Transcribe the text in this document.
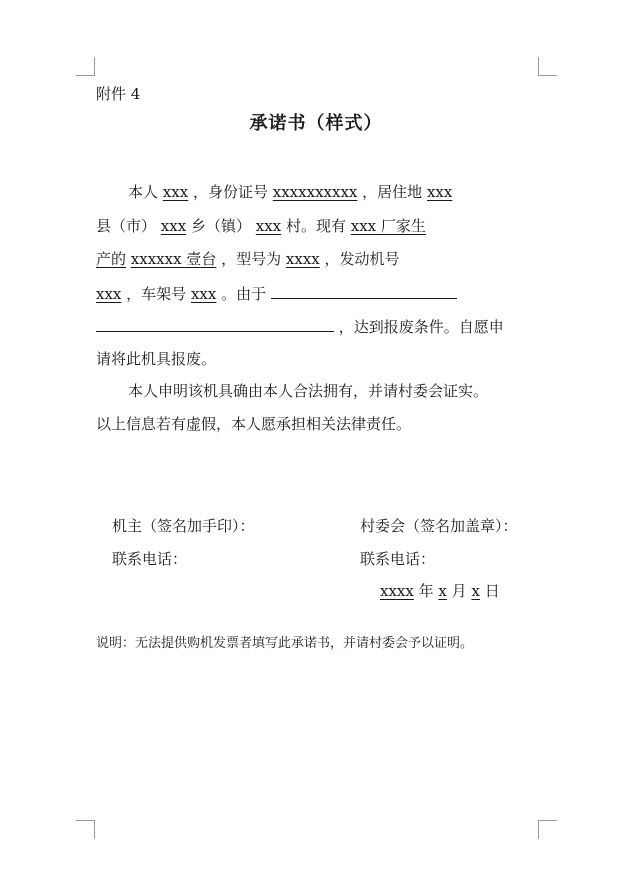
附件 4
承诺书（样式）
本人 xxx ，身份证号 xxxxxxxxxx ，居住地 xxx
县（市） xxx 乡（镇） xxx 村。现有 xxx 厂家生
产的 xxxxxx 壹台 ，型号为 xxxx ，发动机号
xxx ，车架号 xxx 。由于
，达到报废条件。自愿申
请将此机具报废。
本人申明该机具确由本人合法拥有，并请村委会证实。
以上信息若有虚假，本人愿承担相关法律责任。
机主（签名加手印）：	村委会（签名加盖章）：
联系电话：	联系电话：
xxxx 年 x 月 x 日
说明：无法提供购机发票者填写此承诺书，并请村委会予以证明。
